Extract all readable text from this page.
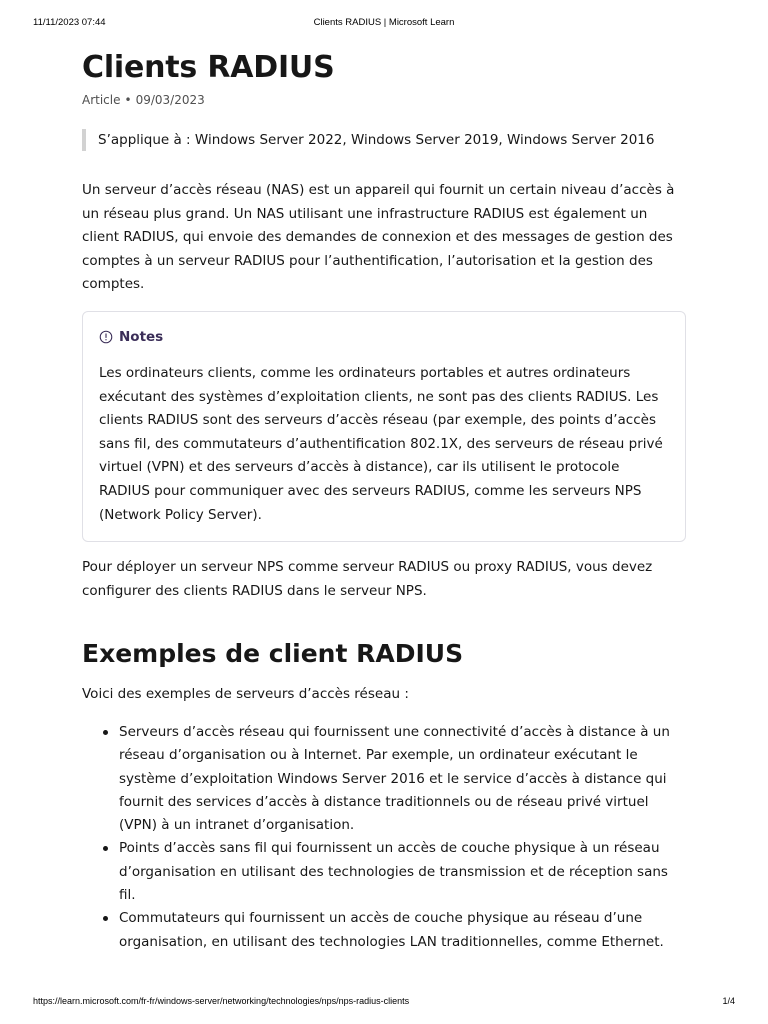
11/11/2023 07:44	Clients RADIUS | Microsoft Learn
Clients RADIUS
Article • 09/03/2023
S’applique à : Windows Server 2022, Windows Server 2019, Windows Server 2016

Un serveur d’accès réseau (NAS) est un appareil qui fournit un certain niveau d’accès à un réseau plus grand. Un NAS utilisant une infrastructure RADIUS est également un client RADIUS, qui envoie des demandes de connexion et des messages de gestion des comptes à un serveur RADIUS pour l’authentification, l’autorisation et la gestion des comptes.

Notes

Les ordinateurs clients, comme les ordinateurs portables et autres ordinateurs exécutant des systèmes d’exploitation clients, ne sont pas des clients RADIUS. Les clients RADIUS sont des serveurs d’accès réseau (par exemple, des points d’accès sans fil, des commutateurs d’authentification 802.1X, des serveurs de réseau privé virtuel (VPN) et des serveurs d’accès à distance), car ils utilisent le protocole RADIUS pour communiquer avec des serveurs RADIUS, comme les serveurs NPS (Network Policy Server).

Pour déployer un serveur NPS comme serveur RADIUS ou proxy RADIUS, vous devez configurer des clients RADIUS dans le serveur NPS.

Exemples de client RADIUS

Voici des exemples de serveurs d’accès réseau :

Serveurs d’accès réseau qui fournissent une connectivité d’accès à distance à un réseau d’organisation ou à Internet. Par exemple, un ordinateur exécutant le système d’exploitation Windows Server 2016 et le service d’accès à distance qui fournit des services d’accès à distance traditionnels ou de réseau privé virtuel (VPN) à un intranet d’organisation.
Points d’accès sans fil qui fournissent un accès de couche physique à un réseau d’organisation en utilisant des technologies de transmission et de réception sans fil.
Commutateurs qui fournissent un accès de couche physique au réseau d’une organisation, en utilisant des technologies LAN traditionnelles, comme Ethernet.
https://learn.microsoft.com/fr-fr/windows-server/networking/technologies/nps/nps-radius-clients	1/4
